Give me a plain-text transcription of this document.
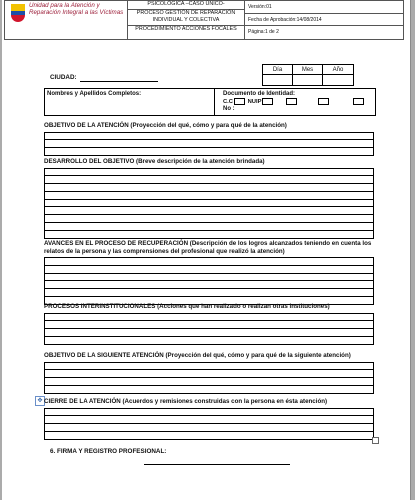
Unidad para la Atención y Reparación Integral a las Víctimas
PSICOLÓGICA –CASO ÚNICO-
PROCESO GESTIÓN DE REPARACIÓN INDIVIDUAL Y COLECTIVA
PROCEDIMIENTO ACCIONES FOCALES
Versión:01
Fecha de Aprobación:14/08/2014
Página:1 de 2
Día	Mes	Año
CIUDAD:
Nombres y Apellidos Completos:	Documento de Identidad:
C.C	NUIP
No :
OBJETIVO DE LA ATENCIÓN (Proyección del qué, cómo y para qué de la atención)
DESARROLLO DEL OBJETIVO (Breve descripción de la atención brindada)
AVANCES EN EL PROCESO DE RECUPERACIÓN (Descripción de los logros alcanzados teniendo en cuenta los relatos de la persona y las comprensiones del profesional que realizó la atención)
PROCESOS INTERINSTITUCIONALES (Acciones que han realizado o realizan otras instituciones)
OBJETIVO DE LA SIGUIENTE ATENCIÓN (Proyección del qué, cómo y para qué de la siguiente atención)
✥ CIERRE DE LA ATENCIÓN (Acuerdos y remisiones construidas con la persona en ésta atención)
6. FIRMA Y REGISTRO PROFESIONAL:
